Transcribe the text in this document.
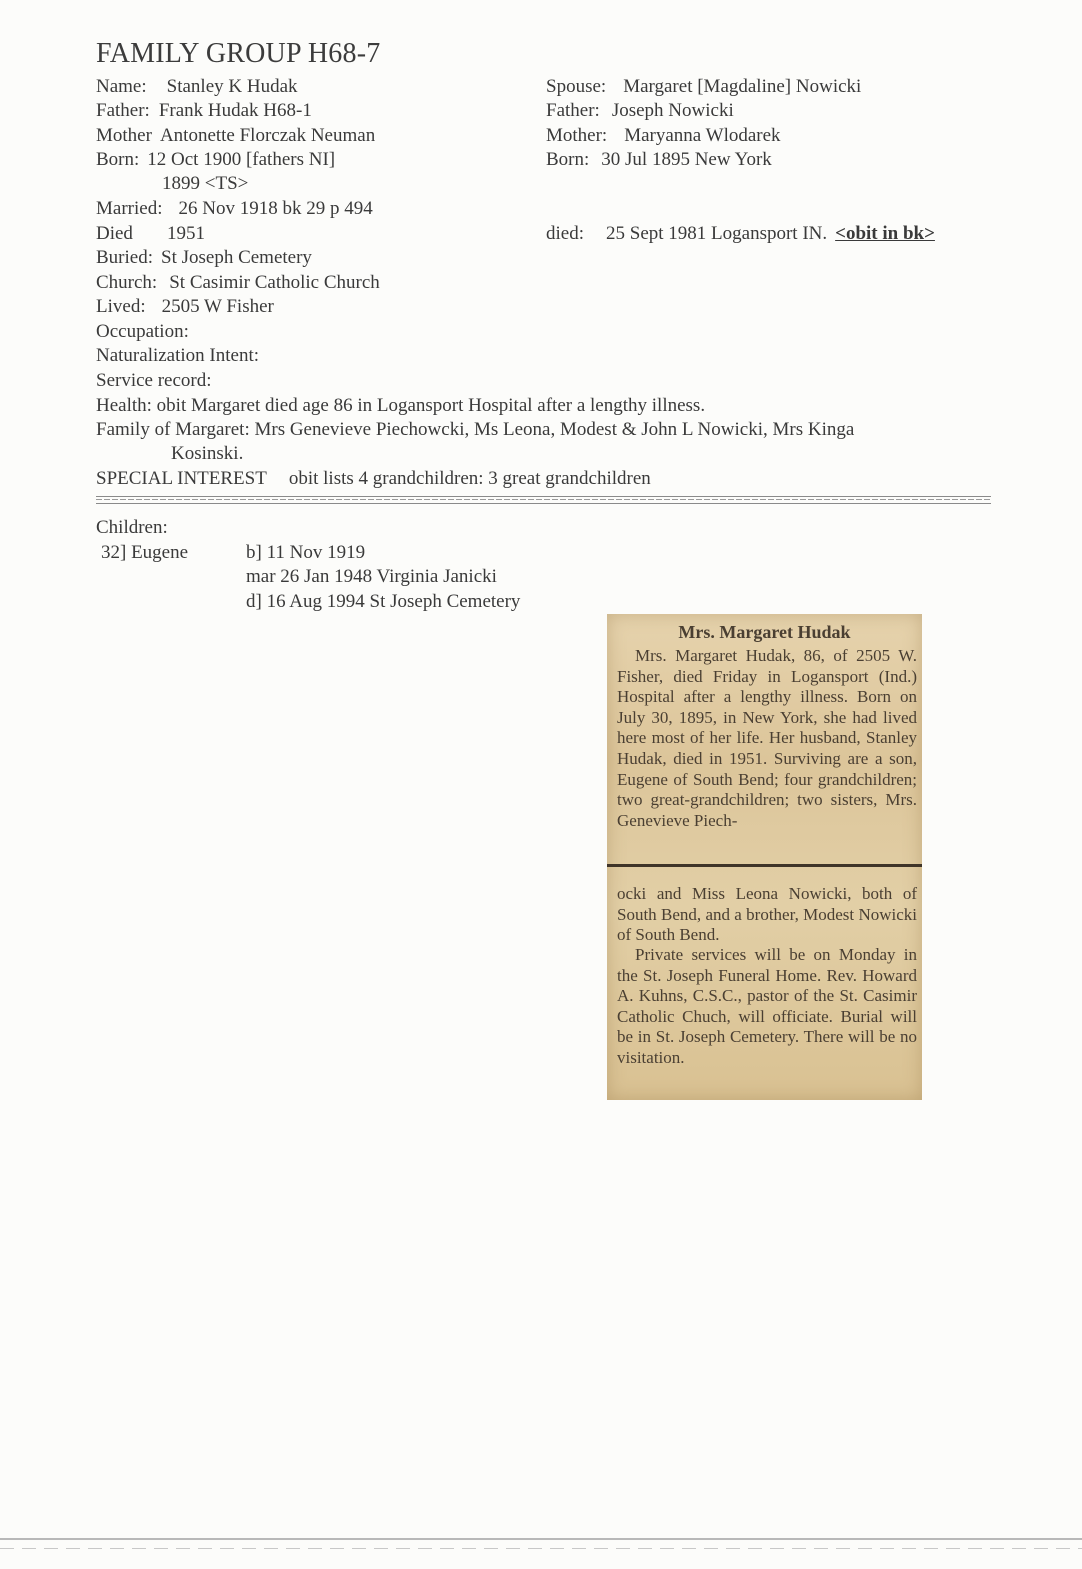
FAMILY GROUP H68-7
Name: Stanley K Hudak
Father: Frank Hudak H68-1
Mother Antonette Florczak Neuman
Born: 12 Oct 1900 [fathers NI]
1899 <TS>
Married: 26 Nov 1918 bk 29 p 494
Died 1951
Buried: St Joseph Cemetery
Church: St Casimir Catholic Church
Lived: 2505 W Fisher
Occupation:
Naturalization Intent:
Service record:
Spouse: Margaret [Magdaline] Nowicki
Father: Joseph Nowicki
Mother: Maryanna Wlodarek
Born: 30 Jul 1895 New York
died: 25 Sept 1981 Logansport IN. <obit in bk>
Health: obit Margaret died age 86 in Logansport Hospital after a lengthy illness.
Family of Margaret: Mrs Genevieve Piechowcki, Ms Leona, Modest & John L Nowicki, Mrs Kinga
Kosinski.
SPECIAL INTEREST obit lists 4 grandchildren: 3 great grandchildren
Children:
32] Eugene	b] 11 Nov 1919
mar 26 Jan 1948 Virginia Janicki
d] 16 Aug 1994 St Joseph Cemetery
Mrs. Margaret Hudak
Mrs. Margaret Hudak, 86, of 2505 W. Fisher, died Friday in Logansport (Ind.) Hospital after a lengthy illness. Born on July 30, 1895, in New York, she had lived here most of her life. Her husband, Stanley Hudak, died in 1951. Surviving are a son, Eugene of South Bend; four grandchildren; two great-grandchildren; two sisters, Mrs. Genevieve Piech-
ocki and Miss Leona Nowicki, both of South Bend, and a brother, Modest Nowicki of South Bend.
Private services will be on Monday in the St. Joseph Funeral Home. Rev. Howard A. Kuhns, C.S.C., pastor of the St. Casimir Catholic Chuch, will officiate. Burial will be in St. Joseph Cemetery. There will be no visitation.
